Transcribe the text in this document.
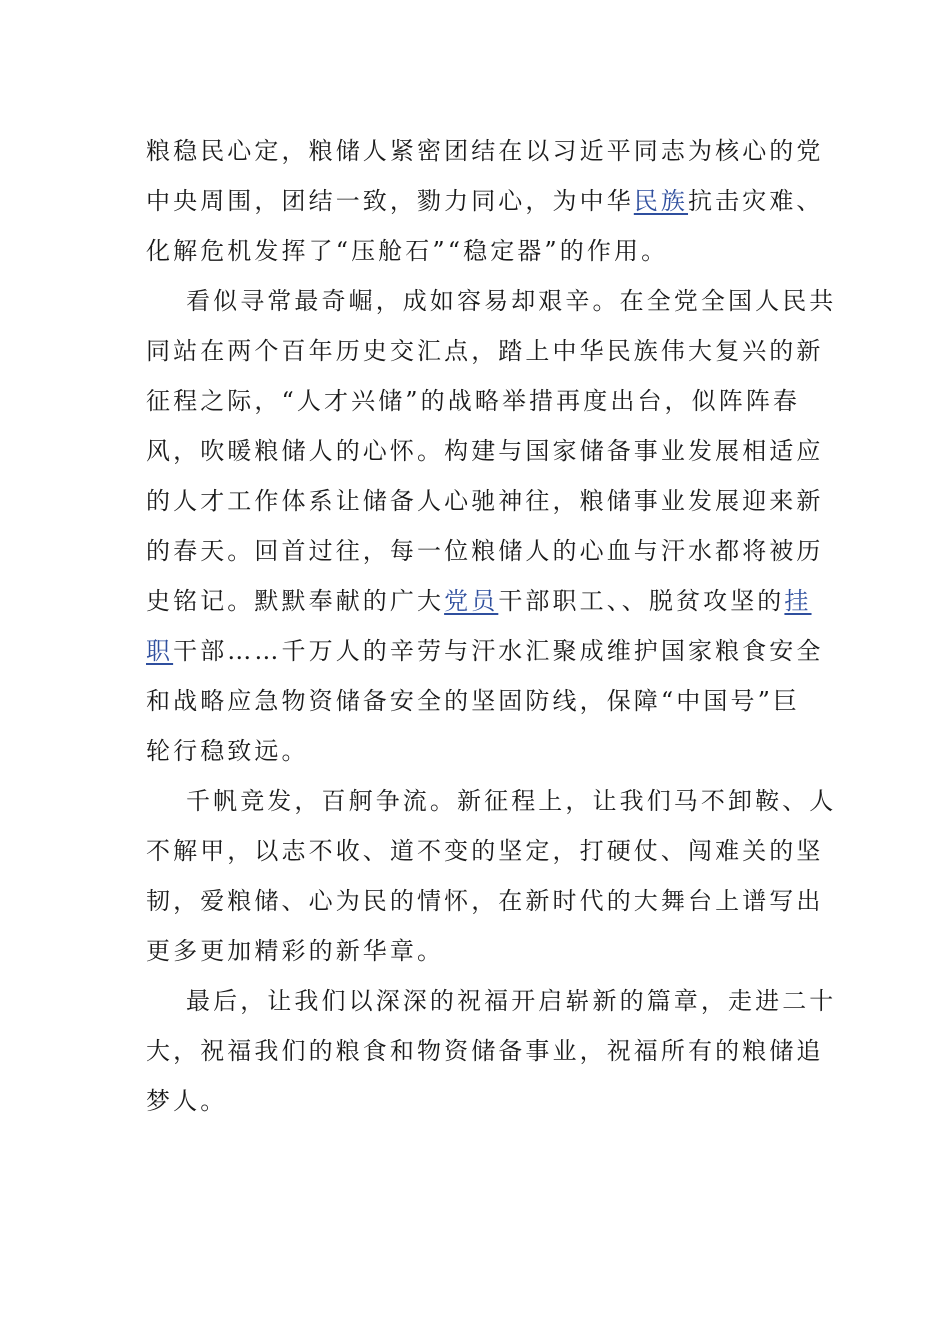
粮稳民心定，粮储人紧密团结在以习近平同志为核心的党
中央周围，团结一致，勠力同心，为中华民族抗击灾难、
化解危机发挥了“压舱石”“稳定器”的作用。
看似寻常最奇崛，成如容易却艰辛。在全党全国人民共
同站在两个百年历史交汇点，踏上中华民族伟大复兴的新
征程之际，“人才兴储”的战略举措再度出台，似阵阵春
风，吹暖粮储人的心怀。构建与国家储备事业发展相适应
的人才工作体系让储备人心驰神往，粮储事业发展迎来新
的春天。回首过往，每一位粮储人的心血与汗水都将被历
史铭记。默默奉献的广大党员干部职工、、脱贫攻坚的挂
职干部……千万人的辛劳与汗水汇聚成维护国家粮食安全
和战略应急物资储备安全的坚固防线，保障“中国号”巨
轮行稳致远。
千帆竞发，百舸争流。新征程上，让我们马不卸鞍、人
不解甲，以志不收、道不变的坚定，打硬仗、闯难关的坚
韧，爱粮储、心为民的情怀，在新时代的大舞台上谱写出
更多更加精彩的新华章。
最后，让我们以深深的祝福开启崭新的篇章，走进二十
大，祝福我们的粮食和物资储备事业，祝福所有的粮储追
梦人。
